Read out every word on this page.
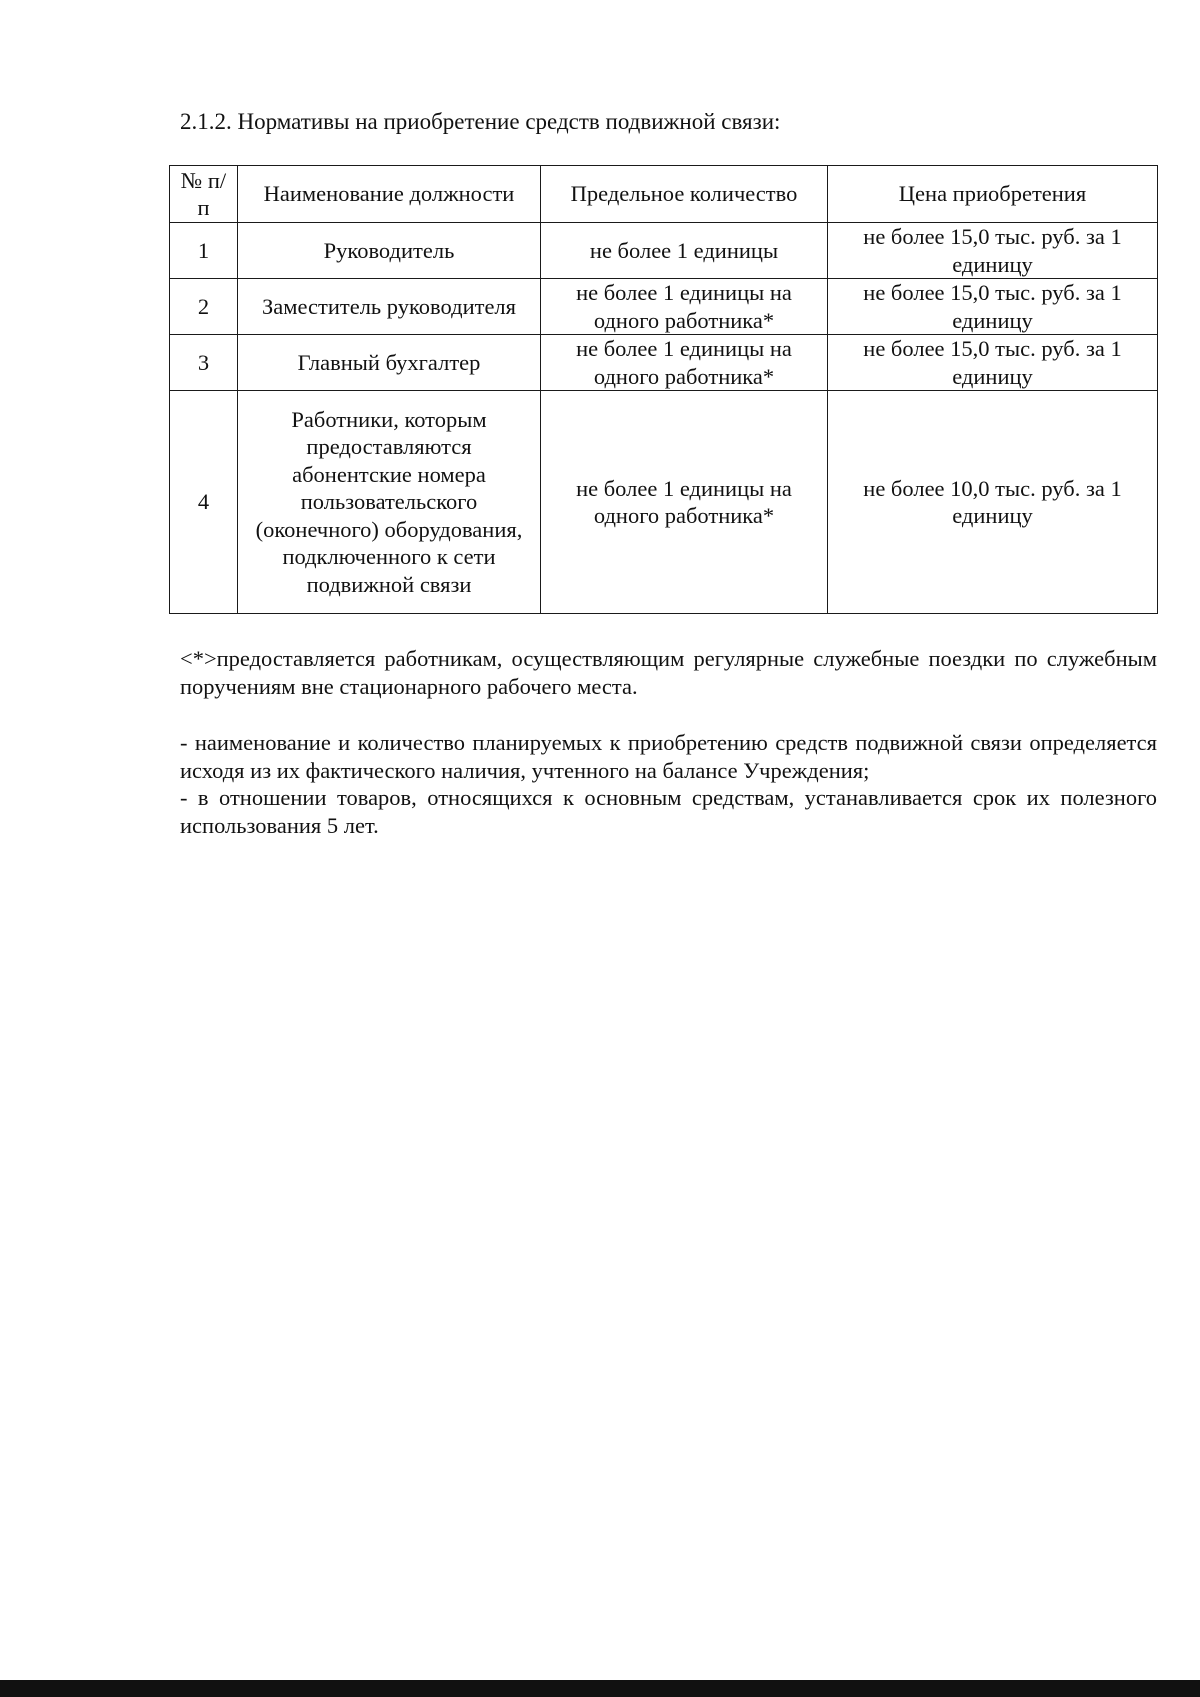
2.1.2. Нормативы на приобретение средств подвижной связи:

№ п/п	Наименование должности	Предельное количество	Цена приобретения
1	Руководитель	не более 1 единицы	не более 15,0 тыс. руб. за 1 единицу
2	Заместитель руководителя	не более 1 единицы на одного работника*	не более 15,0 тыс. руб. за 1 единицу
3	Главный бухгалтер	не более 1 единицы на одного работника*	не более 15,0 тыс. руб. за 1 единицу
4	Работники, которым предоставляются абонентские номера пользовательского (оконечного) оборудования, подключенного к сети подвижной связи	не более 1 единицы на одного работника*	не более 10,0 тыс. руб. за 1 единицу

<*>предоставляется работникам, осуществляющим регулярные служебные поездки по служебным поручениям вне стационарного рабочего места.

- наименование и количество планируемых к приобретению средств подвижной связи определяется исходя из их фактического наличия, учтенного на балансе Учреждения;

- в отношении товаров, относящихся к основным средствам, устанавливается срок их полезного использования 5 лет.
